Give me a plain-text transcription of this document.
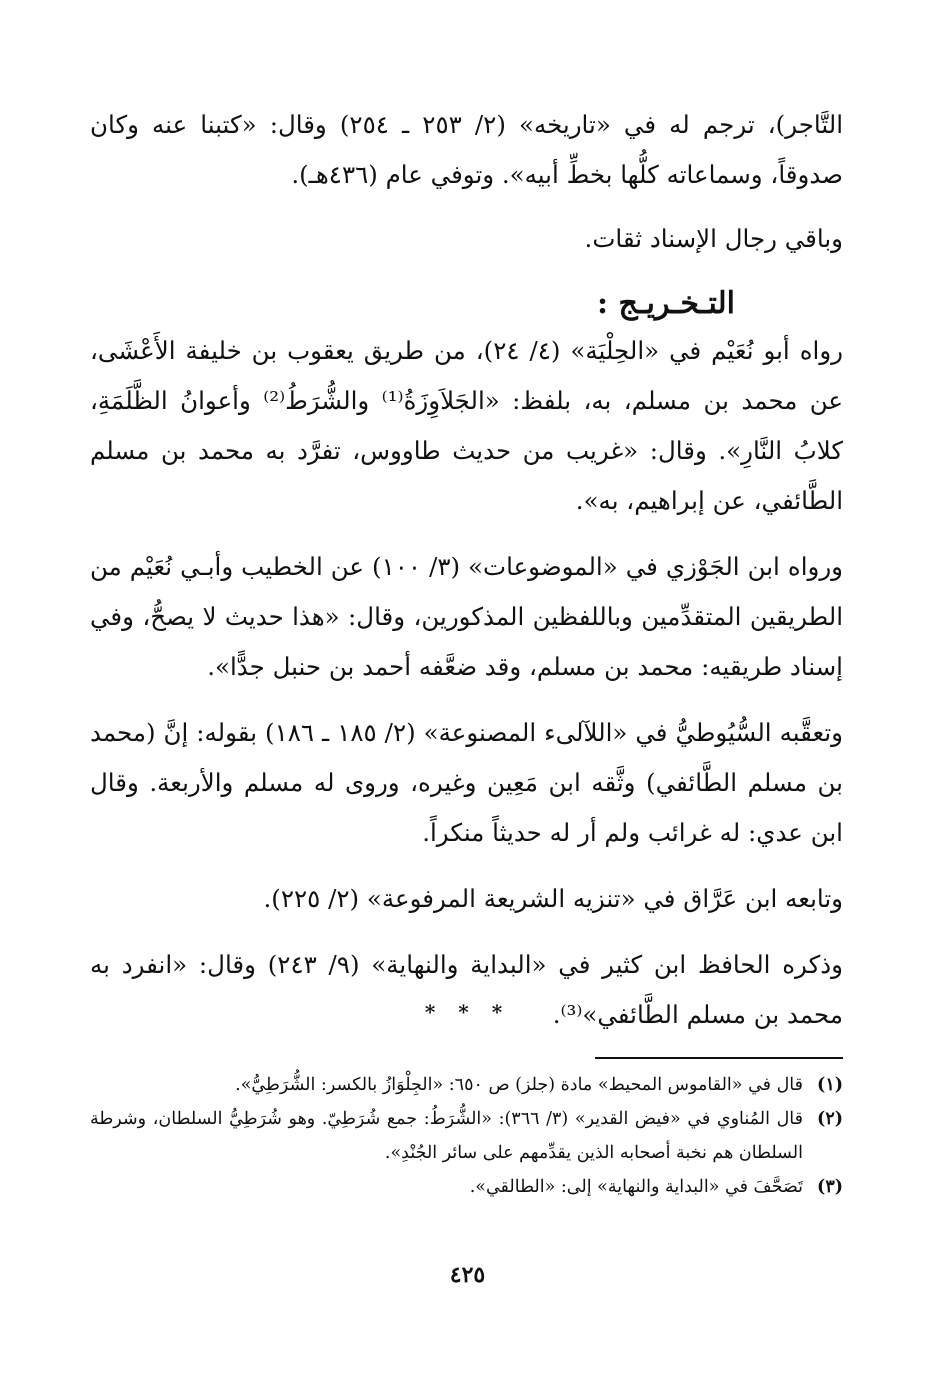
التَّاجر)، ترجم له في «تاريخه» (٢/ ٢٥٣ ـ ٢٥٤) وقال: «كتبنا عنه وكان صدوقاً، وسماعاته كلُّها بخطِّ أبيه». وتوفي عام (٤٣٦هـ).

وباقي رجال الإسناد ثقات.

رواه أبو نُعَيْم في «الحِلْيَة» (٤/ ٢٤)، من طريق يعقوب بن خليفة الأَعْشَى، عن محمد بن مسلم، به، بلفظ: «الجَلاَوِزَةُ⁽¹⁾ والشُّرَطُ⁽²⁾ وأعوانُ الظَّلَمَةِ، كلابُ النَّارِ». وقال: «غريب من حديث طاووس، تفرَّد به محمد بن مسلم الطَّائفي، عن إبراهيم، به».

ورواه ابن الجَوْزي في «الموضوعات» (٣/ ١٠٠) عن الخطيب وأبـي نُعَيْم من الطريقين المتقدِّمين وباللفظين المذكورين، وقال: «هذا حديث لا يصحُّ، وفي إسناد طريقيه: محمد بن مسلم، وقد ضعَّفه أحمد بن حنبل جدًّا».

وتعقَّبه السُّيُوطيُّ في «اللآلىء المصنوعة» (٢/ ١٨٥ ـ ١٨٦) بقوله: إنَّ (محمد بن مسلم الطَّائفي) وثَّقه ابن مَعِين وغيره، وروى له مسلم والأربعة. وقال ابن عدي: له غرائب ولم أر له حديثاً منكراً.

وتابعه ابن عَرَّاق في «تنزيه الشريعة المرفوعة» (٢/ ٢٢٥).

وذكره الحافظ ابن كثير في «البداية والنهاية» (٩/ ٢٤٣) وقال: «انفرد به محمد بن مسلم الطَّائفي»⁽³⁾.

التـخـريـج :
* * *
(١)
قال في «القاموس المحيط» مادة (جلز) ص ٦٥٠: «الجِلْوَازُ بالكسر: الشُّرَطِيُّ».
(٢)
قال المُناوي في «فيض القدير» (٣/ ٣٦٦): «الشُّرَطُ: جمع شُرَطِيّ. وهو شُرَطِيُّ السلطان، وشرطة السلطان هم نخبة أصحابه الذين يقدِّمهم على سائر الجُنْدِ».
(٣)
تَصَحَّفَ في «البداية والنهاية» إلى: «الطالقي».
٤٢٥
